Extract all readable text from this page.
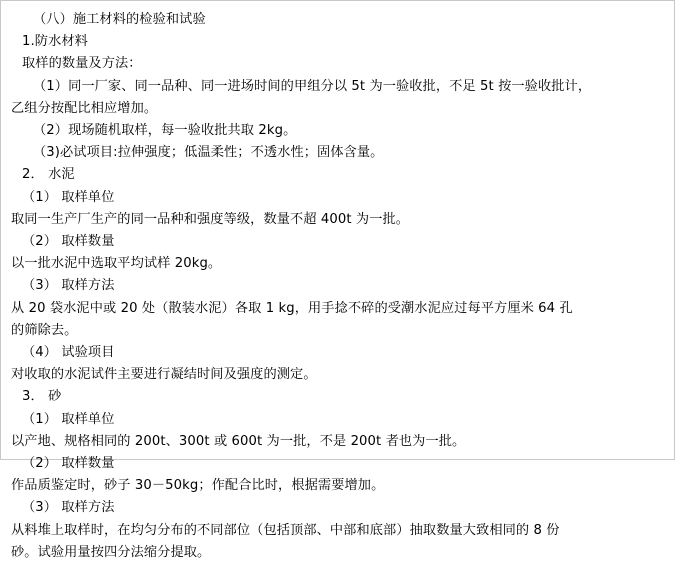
（八）施工材料的检验和试验
1.防水材料
取样的数量及方法：
（1）同一厂家、同一品种、同一进场时间的甲组分以 5t 为一验收批，不足 5t 按一验收批计，
乙组分按配比相应增加。
（2）现场随机取样，每一验收批共取 2kg。
（3)必试项目:拉伸强度；低温柔性；不透水性；固体含量。
2． 水泥
（1） 取样单位
取同一生产厂生产的同一品种和强度等级，数量不超 400t 为一批。
（2） 取样数量
以一批水泥中选取平均试样 20kg。
（3） 取样方法
从 20 袋水泥中或 20 处（散装水泥）各取 1 kg，用手捻不碎的受潮水泥应过每平方厘米 64 孔
的筛除去。
（4） 试验项目
对收取的水泥试件主要进行凝结时间及强度的测定。
3． 砂
（1） 取样单位
以产地、规格相同的 200t、300t 或 600t 为一批，不是 200t 者也为一批。
（2） 取样数量
作品质鉴定时，砂子 30－50kg；作配合比时，根据需要增加。
（3） 取样方法
从料堆上取样时，在均匀分布的不同部位（包括顶部、中部和底部）抽取数量大致相同的 8 份
砂。试验用量按四分法缩分提取。
